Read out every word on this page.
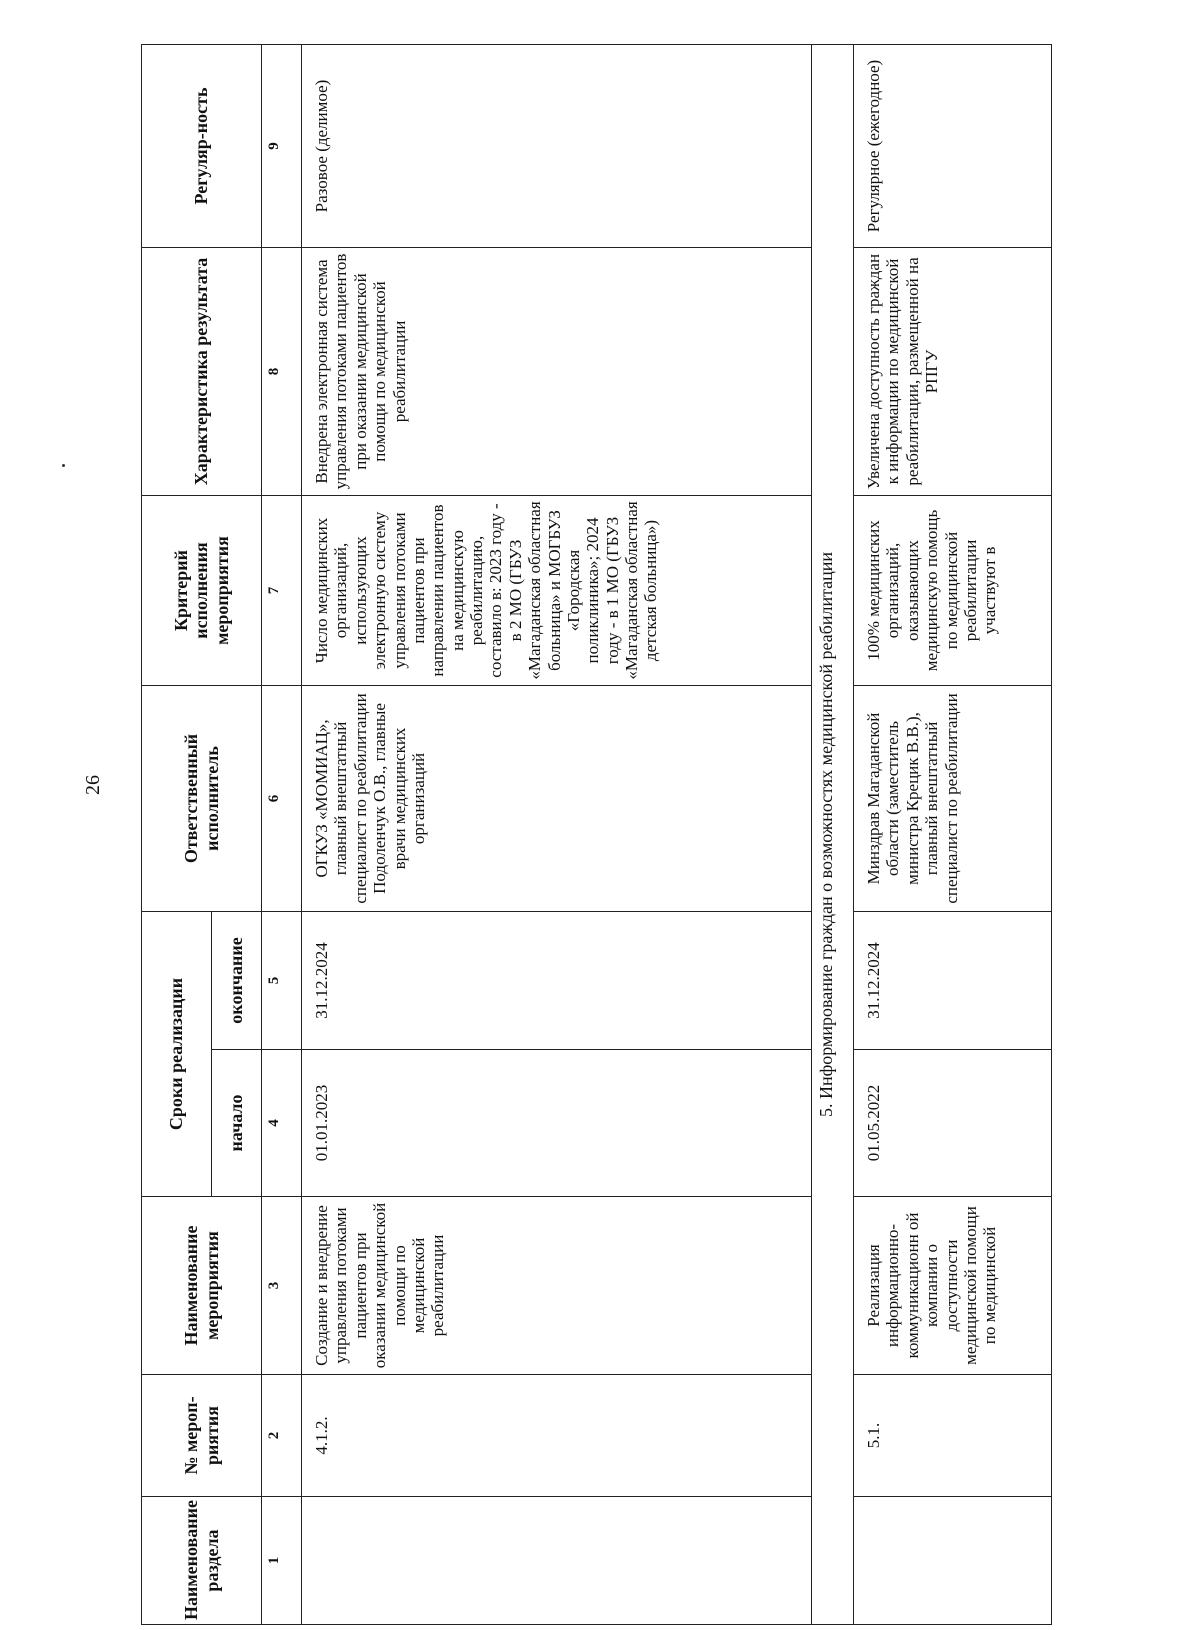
26
Наименование раздела	№ мероп-риятия	Наименование мероприятия	Сроки реализации		Ответственный исполнитель	Критерий исполнения мероприятия	Характеристика результата	Регуляр-ность
			начало	окончание				
1	2	3	4	5	6	7	8	9
	4.1.2.	Создание и внедрение управления потоками пациентов при оказании медицинской помощи по медицинской реабилитации	01.01.2023	31.12.2024	ОГКУЗ «МОМИАЦ», главный внештатный специалист по реабилитации Подоленчук О.В., главные врачи медицинских организаций	Число медицинских организаций, использующих электронную систему управления потоками пациентов при направлении пациентов на медицинскую реабилитацию, составило в: 2023 году - в 2 МО (ГБУЗ «Магаданская областная больница» и МОГБУЗ «Городская поликлиника»; 2024 году - в 1 МО (ГБУЗ «Магаданская областная детская больница»)	Внедрена электронная система управления потоками пациентов при оказании медицинской помощи по медицинской реабилитации	Разовое (делимое)
5. Информирование граждан о возможностях медицинской реабилитации								
	5.1.	Реализация информационно-коммуникационн ой компании о доступности медицинской помощи по медицинской	01.05.2022	31.12.2024	Минздрав Магаданской области (заместитель министра Крецик В.В.), главный внештатный специалист по реабилитации	100% медицинских организаций, оказывающих медицинскую помощь по медицинской реабилитации участвуют в	Увеличена доступность граждан к информации по медицинской реабилитации, размещенной на РПГУ	Регулярное (ежегодное)
